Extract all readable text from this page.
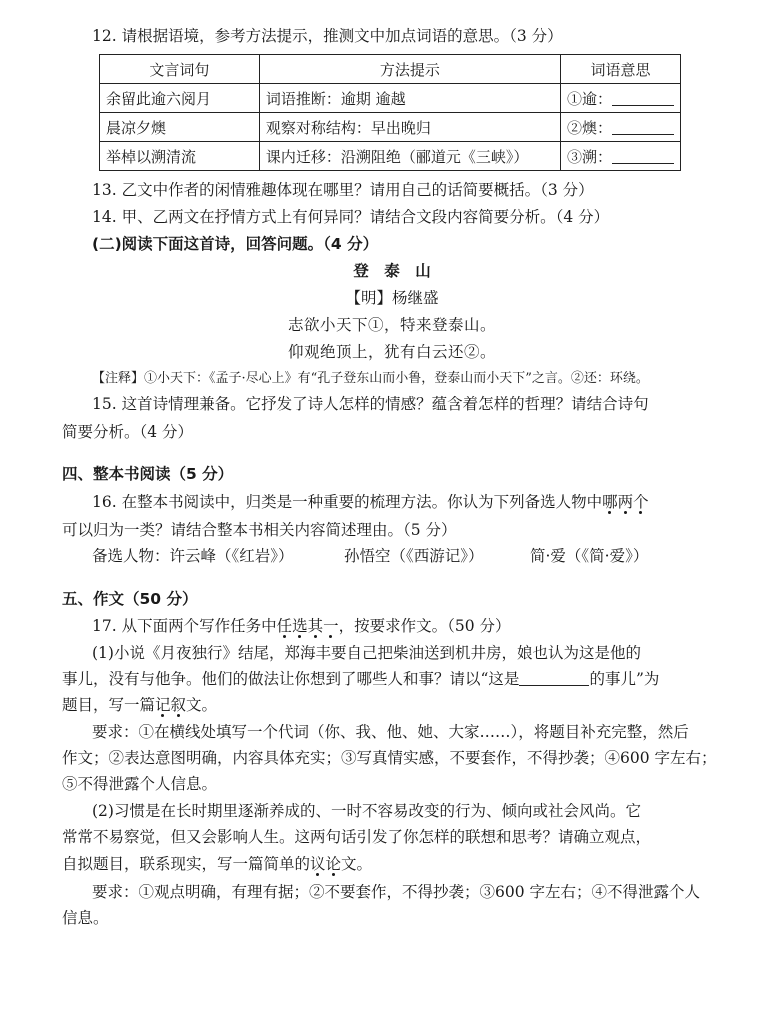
12. 请根据语境，参考方法提示，推测文中加点词语的意思。（3 分）
文言词句	方法提示	词语意思
余留此逾六阅月	词语推断：逾期 逾越	①逾：
晨凉夕燠	观察对称结构：早出晚归	②燠：
举棹以溯清流	课内迁移：沿溯阻绝（郦道元《三峡》）	③溯：
13. 乙文中作者的闲情雅趣体现在哪里？请用自己的话简要概括。（3 分）
14. 甲、乙两文在抒情方式上有何异同？请结合文段内容简要分析。（4 分）
(二)阅读下面这首诗，回答问题。（4 分）
登　泰　山
【明】杨继盛
志欲小天下①，特来登泰山。
仰观绝顶上，犹有白云还②。
【注释】①小天下：《孟子·尽心上》有“孔子登东山而小鲁，登泰山而小天下”之言。②还：环绕。
15. 这首诗情理兼备。它抒发了诗人怎样的情感？蕴含着怎样的哲理？请结合诗句
简要分析。（4 分）
四、整本书阅读（5 分）
16. 在整本书阅读中，归类是一种重要的梳理方法。你认为下列备选人物中哪两个
可以归为一类？请结合整本书相关内容简述理由。（5 分）
备选人物：许云峰（《红岩》）	孙悟空（《西游记》）	简·爱（《简·爱》）
五、作文（50 分）
17. 从下面两个写作任务中任选其一，按要求作文。（50 分）
(1)小说《月夜独行》结尾，郑海丰要自己把柴油送到机井房，娘也认为这是他的
事儿，没有与他争。他们的做法让你想到了哪些人和事？请以“这是	的事儿”为
题目，写一篇记叙文。
要求：①在横线处填写一个代词（你、我、他、她、大家……），将题目补充完整，然后
作文；②表达意图明确，内容具体充实；③写真情实感，不要套作，不得抄袭；④600 字左右；
⑤不得泄露个人信息。
(2)习惯是在长时期里逐渐养成的、一时不容易改变的行为、倾向或社会风尚。它
常常不易察觉，但又会影响人生。这两句话引发了你怎样的联想和思考？请确立观点，
自拟题目，联系现实，写一篇简单的议论文。
要求：①观点明确，有理有据；②不要套作，不得抄袭；③600 字左右；④不得泄露个人
信息。
